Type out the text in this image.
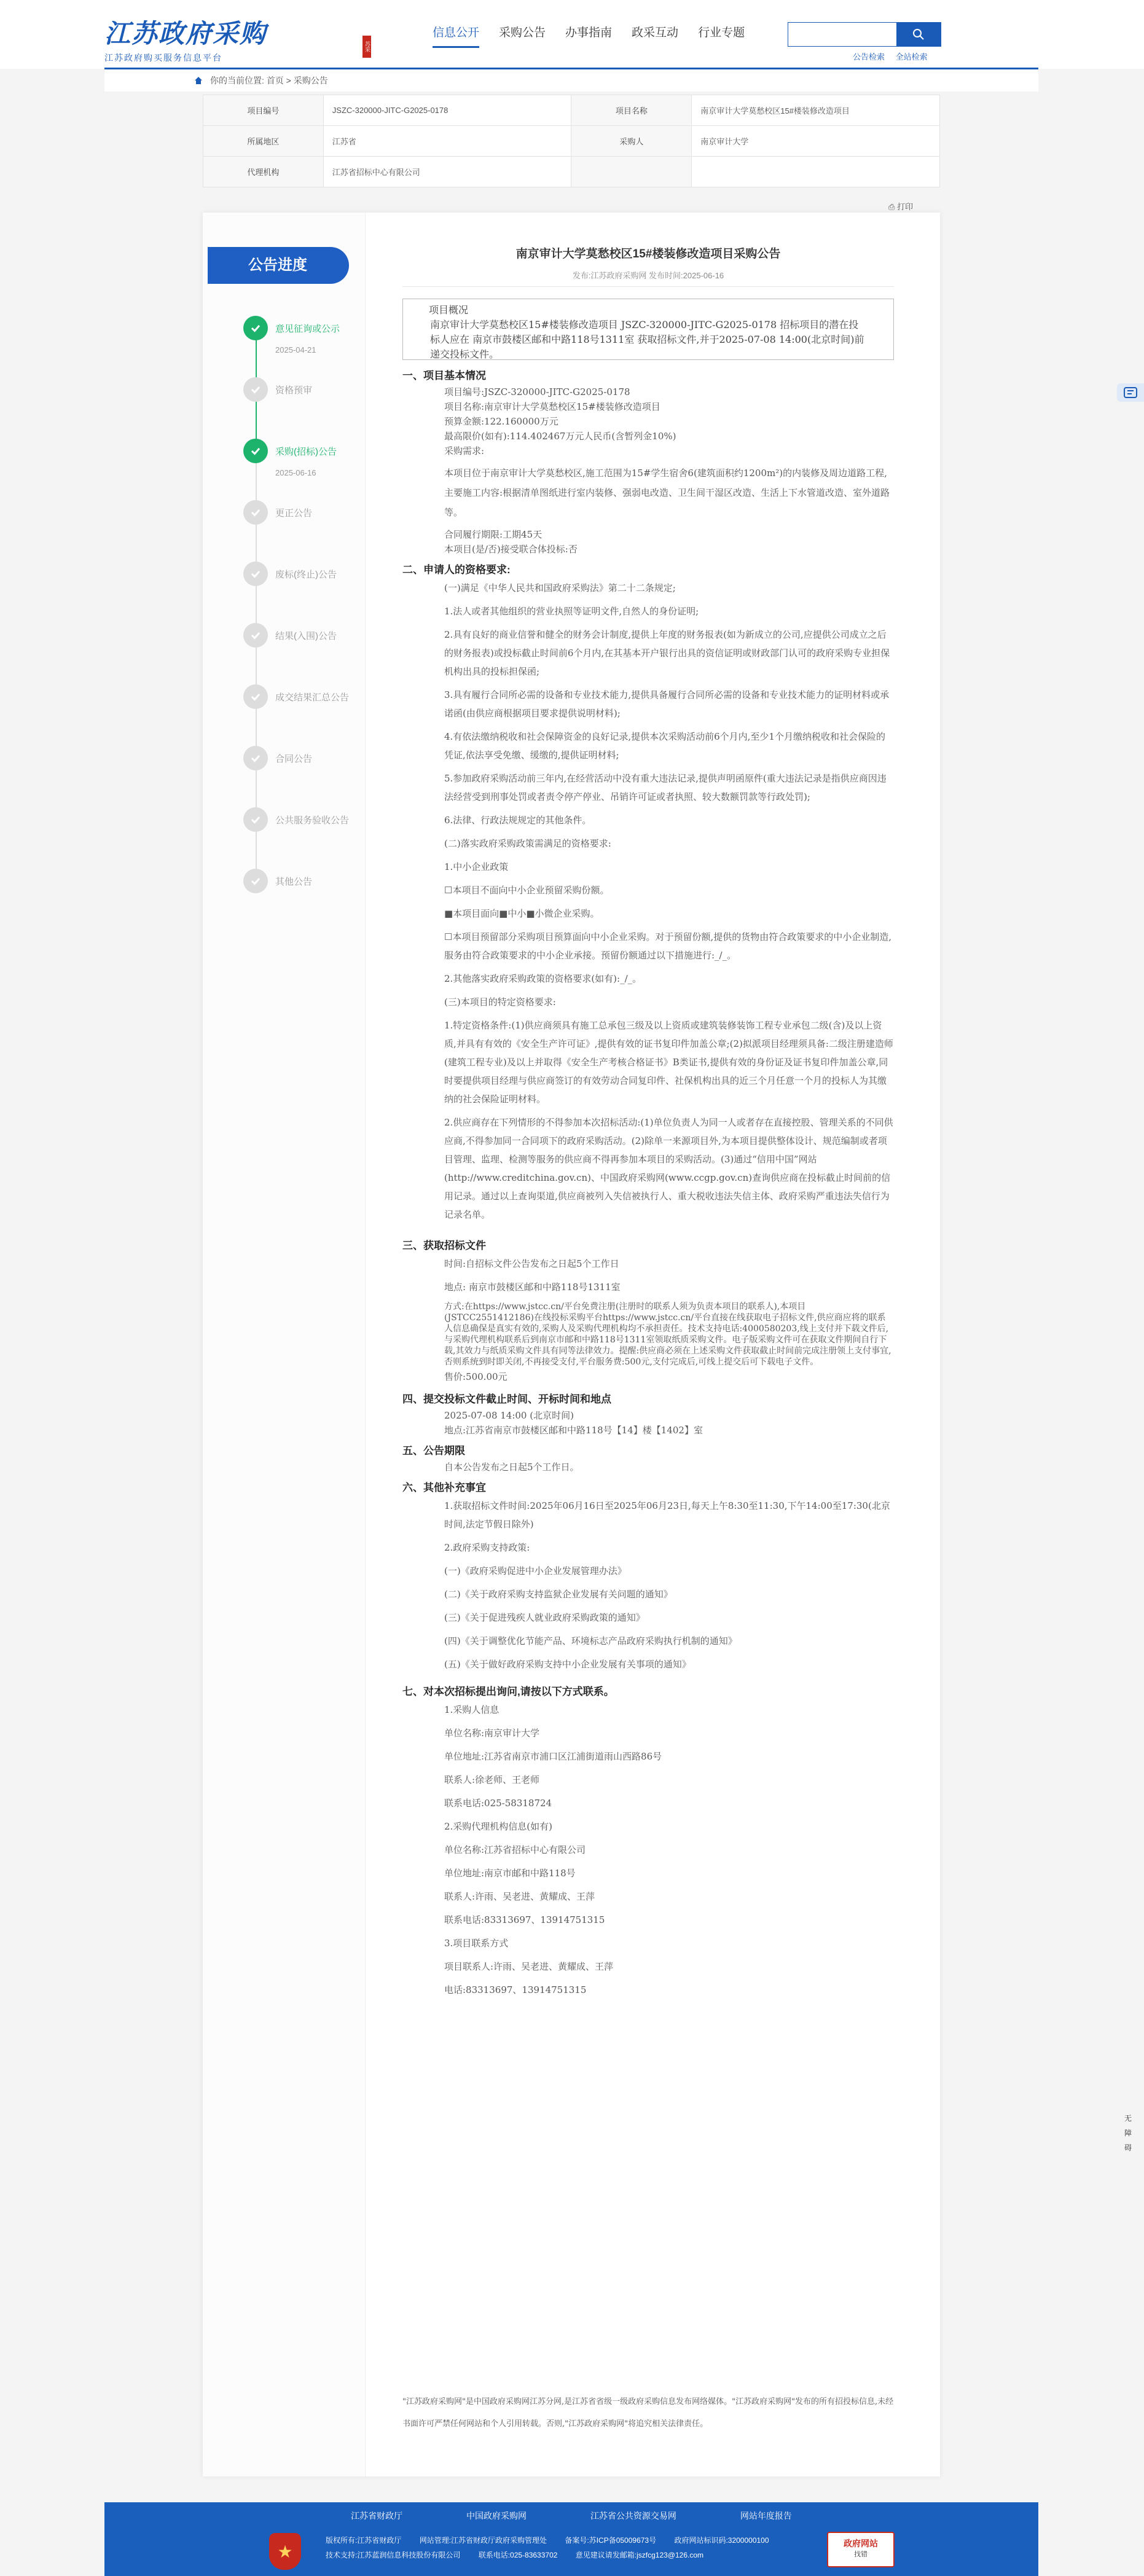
江苏政府采购
江苏政府购买服务信息平台
苏采
信息公开 采购公告 办事指南 政采互动 行业专题
公告检索 全站检索
你的当前位置: 首页 > 采购公告
项目编号	JSZC-320000-JITC-G2025-0178	项目名称	南京审计大学莫愁校区15#楼装修改造项目
所属地区	江苏省	采购人	南京审计大学
代理机构	江苏省招标中心有限公司		
⎙ 打印
公告进度
意见征询或公示
2025-04-21
资格预审
采购(招标)公告
2025-06-16
更正公告
废标(终止)公告
结果(入围)公告
成交结果汇总公告
合同公告
公共服务验收公告
其他公告
南京审计大学莫愁校区15#楼装修改造项目采购公告
发布:江苏政府采购网 发布时间:2025-06-16
项目概况
南京审计大学莫愁校区15#楼装修改造项目 JSZC-320000-JITC-G2025-0178 招标项目的潜在投标人应在 南京市鼓楼区邮和中路118号1311室 获取招标文件,并于2025-07-08 14:00(北京时间)前递交投标文件。
一、项目基本情况
项目编号:JSZC-320000-JITC-G2025-0178
项目名称:南京审计大学莫愁校区15#楼装修改造项目
预算金额:122.160000万元
最高限价(如有):114.402467万元人民币(含暂列金10%)
采购需求:
本项目位于南京审计大学莫愁校区,施工范围为15#学生宿舍6(建筑面积约1200m²)的内装修及周边道路工程,主要施工内容:根据清单图纸进行室内装修、强弱电改造、卫生间干湿区改造、生活上下水管道改造、室外道路等。
合同履行期限:工期45天
本项目(是/否)接受联合体投标:否
二、申请人的资格要求:
(一)满足《中华人民共和国政府采购法》第二十二条规定;
1.法人或者其他组织的营业执照等证明文件,自然人的身份证明;
2.具有良好的商业信誉和健全的财务会计制度,提供上年度的财务报表(如为新成立的公司,应提供公司成立之后的财务报表)或投标截止时间前6个月内,在其基本开户银行出具的资信证明或财政部门认可的政府采购专业担保机构出具的投标担保函;
3.具有履行合同所必需的设备和专业技术能力,提供具备履行合同所必需的设备和专业技术能力的证明材料或承诺函(由供应商根据项目要求提供说明材料);
4.有依法缴纳税收和社会保障资金的良好记录,提供本次采购活动前6个月内,至少1个月缴纳税收和社会保险的凭证,依法享受免缴、缓缴的,提供证明材料;
5.参加政府采购活动前三年内,在经营活动中没有重大违法记录,提供声明函原件(重大违法记录是指供应商因违法经营受到刑事处罚或者责令停产停业、吊销许可证或者执照、较大数额罚款等行政处罚);
6.法律、行政法规规定的其他条件。
(二)落实政府采购政策需满足的资格要求:
1.中小企业政策
☐本项目不面向中小企业预留采购份额。
■本项目面向■中小■小微企业采购。
☐本项目预留部分采购项目预算面向中小企业采购。对于预留份额,提供的货物由符合政策要求的中小企业制造,服务由符合政策要求的中小企业承接。预留份额通过以下措施进行:_/_。
2.其他落实政府采购政策的资格要求(如有):_/_。
(三)本项目的特定资格要求:
1.特定资格条件:(1)供应商须具有施工总承包三级及以上资质或建筑装修装饰工程专业承包二级(含)及以上资质,并具有有效的《安全生产许可证》,提供有效的证书复印件加盖公章;(2)拟派项目经理须具备:二级注册建造师(建筑工程专业)及以上并取得《安全生产考核合格证书》B类证书,提供有效的身份证及证书复印件加盖公章,同时要提供项目经理与供应商签订的有效劳动合同复印件、社保机构出具的近三个月任意一个月的投标人为其缴纳的社会保险证明材料。
2.供应商存在下列情形的不得参加本次招标活动:(1)单位负责人为同一人或者存在直接控股、管理关系的不同供应商,不得参加同一合同项下的政府采购活动。(2)除单一来源项目外,为本项目提供整体设计、规范编制或者项目管理、监理、检测等服务的供应商不得再参加本项目的采购活动。(3)通过“信用中国”网站(http://www.creditchina.gov.cn)、中国政府采购网(www.ccgp.gov.cn)查询供应商在投标截止时间前的信用记录。通过以上查询渠道,供应商被列入失信被执行人、重大税收违法失信主体、政府采购严重违法失信行为记录名单。
三、获取招标文件
时间:自招标文件公告发布之日起5个工作日
地点: 南京市鼓楼区邮和中路118号1311室
方式:在https://www.jstcc.cn/平台免费注册(注册时的联系人须为负责本项目的联系人),本项目(JSTCC2551412186)在线投标采购平台https://www.jstcc.cn/平台直接在线获取电子招标文件,供应商应将的联系人信息确保是真实有效的,采购人及采购代理机构均不承担责任。技术支持电话:4000580203,线上支付并下载文件后,与采购代理机构联系后到南京市邮和中路118号1311室领取纸质采购文件。电子版采购文件可在获取文件期间自行下载,其效力与纸质采购文件具有同等法律效力。提醒:供应商必须在上述采购文件获取截止时间前完成注册领上支付事宜,否则系统到时即关闭,不再接受支付,平台服务费:500元,支付完成后,可线上提交后可下载电子文件。
售价:500.00元
四、提交投标文件截止时间、开标时间和地点
2025-07-08 14:00 (北京时间)
地点:江苏省南京市鼓楼区邮和中路118号【14】楼【1402】室
五、公告期限
自本公告发布之日起5个工作日。
六、其他补充事宜
1.获取招标文件时间:2025年06月16日至2025年06月23日,每天上午8:30至11:30,下午14:00至17:30(北京时间,法定节假日除外)
2.政府采购支持政策:
(一)《政府采购促进中小企业发展管理办法》
(二)《关于政府采购支持监狱企业发展有关问题的通知》
(三)《关于促进残疾人就业政府采购政策的通知》
(四)《关于调整优化节能产品、环境标志产品政府采购执行机制的通知》
(五)《关于做好政府采购支持中小企业发展有关事项的通知》
七、对本次招标提出询问,请按以下方式联系。
1.采购人信息
单位名称:南京审计大学
单位地址:江苏省南京市浦口区江浦街道雨山西路86号
联系人:徐老师、王老师
联系电话:025-58318724
2.采购代理机构信息(如有)
单位名称:江苏省招标中心有限公司
单位地址:南京市邮和中路118号
联系人:许雨、吴老进、黄耀成、王萍
联系电话:83313697、13914751315
3.项目联系方式
项目联系人:许雨、吴老进、黄耀成、王萍
电话:83313697、13914751315
"江苏政府采购网"是中国政府采购网江苏分网,是江苏省省级一级政府采购信息发布网络媒体。"江苏政府采购网"发布的所有招投标信息,未经书面许可严禁任何网站和个人引用转载。否则,"江苏政府采购网"将追究相关法律责任。
无障碍
江苏省财政厅	中国政府采购网	江苏省公共资源交易网	网站年度报告
★
版权所有:江苏省财政厅 网站管理:江苏省财政厅政府采购管理处 备案号:苏ICP备05009673号 政府网站标识码:3200000100
技术支持:江苏蓝润信息科技股份有限公司 联系电话:025-83633702 意见建议请发邮箱:jszfcg123@126.com
政府网站
找错
